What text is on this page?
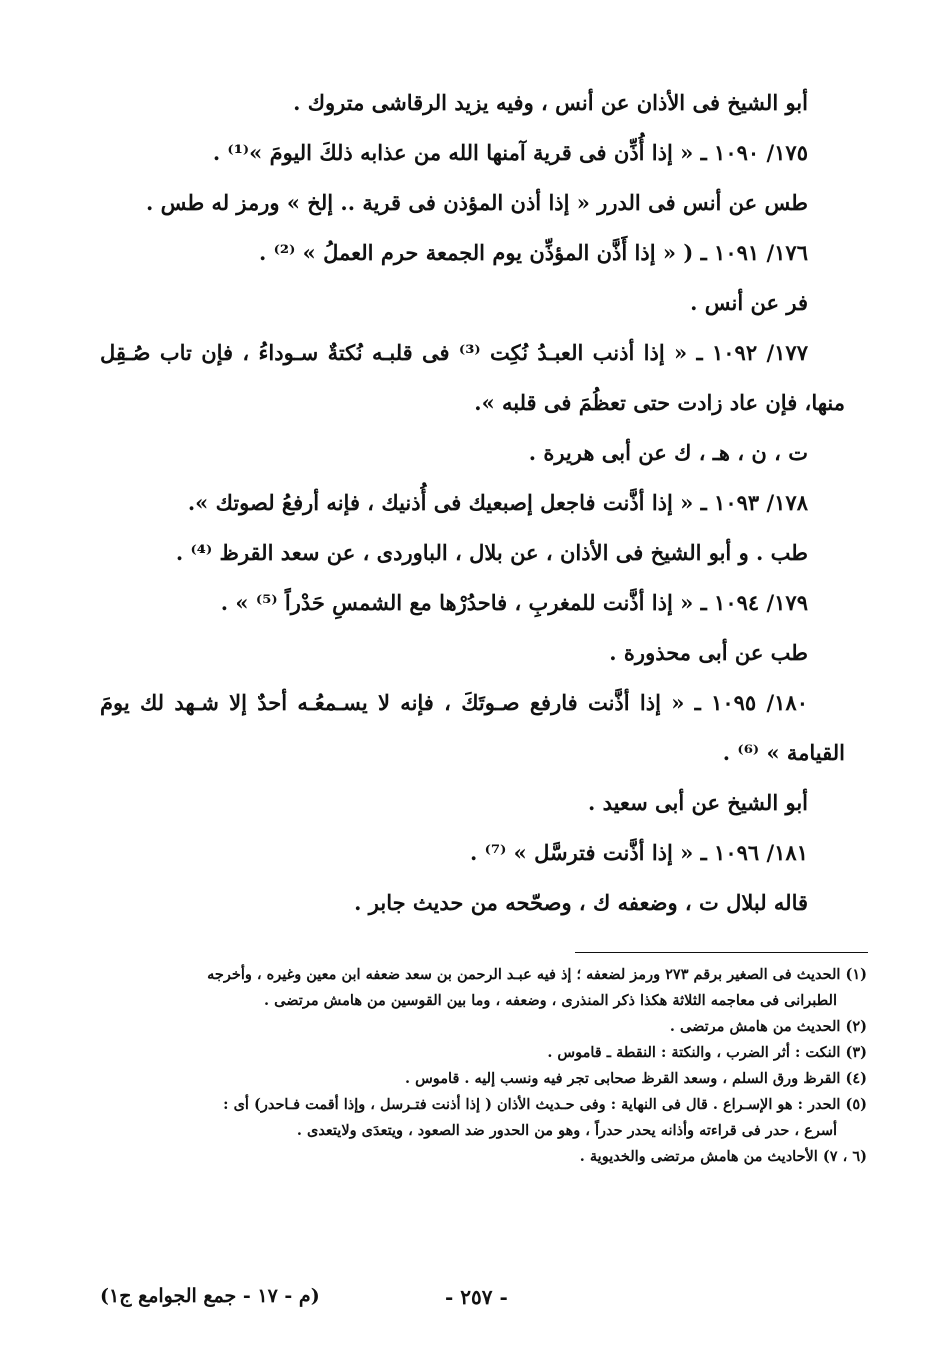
أبو الشيخ فى الأذان عن أنس ، وفيه يزيد الرقاشى متروك .
١٧٥/ ١٠٩٠ ـ « إذا أُذِّن فى قرية آمنها الله من عذابه ذلكَ اليومَ »⁽¹⁾ .
طس عن أنس فى الدرر « إذا أذن المؤذن فى قرية .. إلخ » ورمز له طس .
١٧٦/ ١٠٩١ ـ ( « إذا أَذَّن المؤذِّن يوم الجمعة حرم العملُ » ⁽²⁾ .
فر عن أنس .
١٧٧/ ١٠٩٢ ـ « إذا أذنب العبـدُ نُكِت ⁽³⁾ فى قلبـه نُكتةٌ سـوداءُ ، فإن تاب صُـقِل
منها، فإن عاد زادت حتى تعظُمَ فى قلبه ».
ت ، ن ، هـ ، ك عن أبى هريرة .
١٧٨/ ١٠٩٣ ـ « إذا أذَّنت فاجعل إصبعيك فى أُذنيك ، فإنه أرفعُ لصوتك ».
طب . و أبو الشيخ فى الأذان ، عن بلال ، الباوردى ، عن سعد القرظ ⁽⁴⁾ .
١٧٩/ ١٠٩٤ ـ « إذا أذَّنت للمغربِ ، فاحدُرْها مع الشمسِ حَدْراً ⁽⁵⁾ » .
طب عن أبى محذورة .
١٨٠/ ١٠٩٥ ـ « إذا أذَّنت فارفع صـوتَكَ ، فإنه لا يسـمعُـه أحدٌ إلا شـهد لك يومَ
القيامة » ⁽⁶⁾ .
أبو الشيخ عن أبى سعيد .
١٨١/ ١٠٩٦ ـ « إذا أذَّنت فترسَّل » ⁽⁷⁾ .
قاله لبلال ت ، وضعفه ك ، وصحّحه من حديث جابر .
(١) الحديث فى الصغير برقم ٢٧٣ ورمز لضعفه ؛ إذ فيه عبـد الرحمن بن سعد ضعفه ابن معين وغيره ، وأخرجه
الطبرانى فى معاجمه الثلاثة هكذا ذكر المنذرى ، وضعفه ، وما بين القوسين من هامش مرتضى .
(٢) الحديث من هامش مرتضى .
(٣) النكت : أثر الضرب ، والنكتة : النقطة ـ قاموس .
(٤) القرظ ورق السلم ، وسعد القرظ صحابى تجر فيه ونسب إليه . قاموس .
(٥) الحدر : هو الإسـراع . قال فى النهاية : وفى حـديث الأذان ( إذا أذنت فتـرسل ، وإذا أقمت فـاحدر) أى :
أسرع ، حدر فى قراءته وأذانه يحدر حدراً ، وهو من الحدور ضد الصعود ، ويتعدَى ولايتعدى .
(٦ ، ٧) الأحاديث من هامش مرتضى والخديوية .
- ٢٥٧ -
(م - ١٧ - جمع الجوامع ج١)
